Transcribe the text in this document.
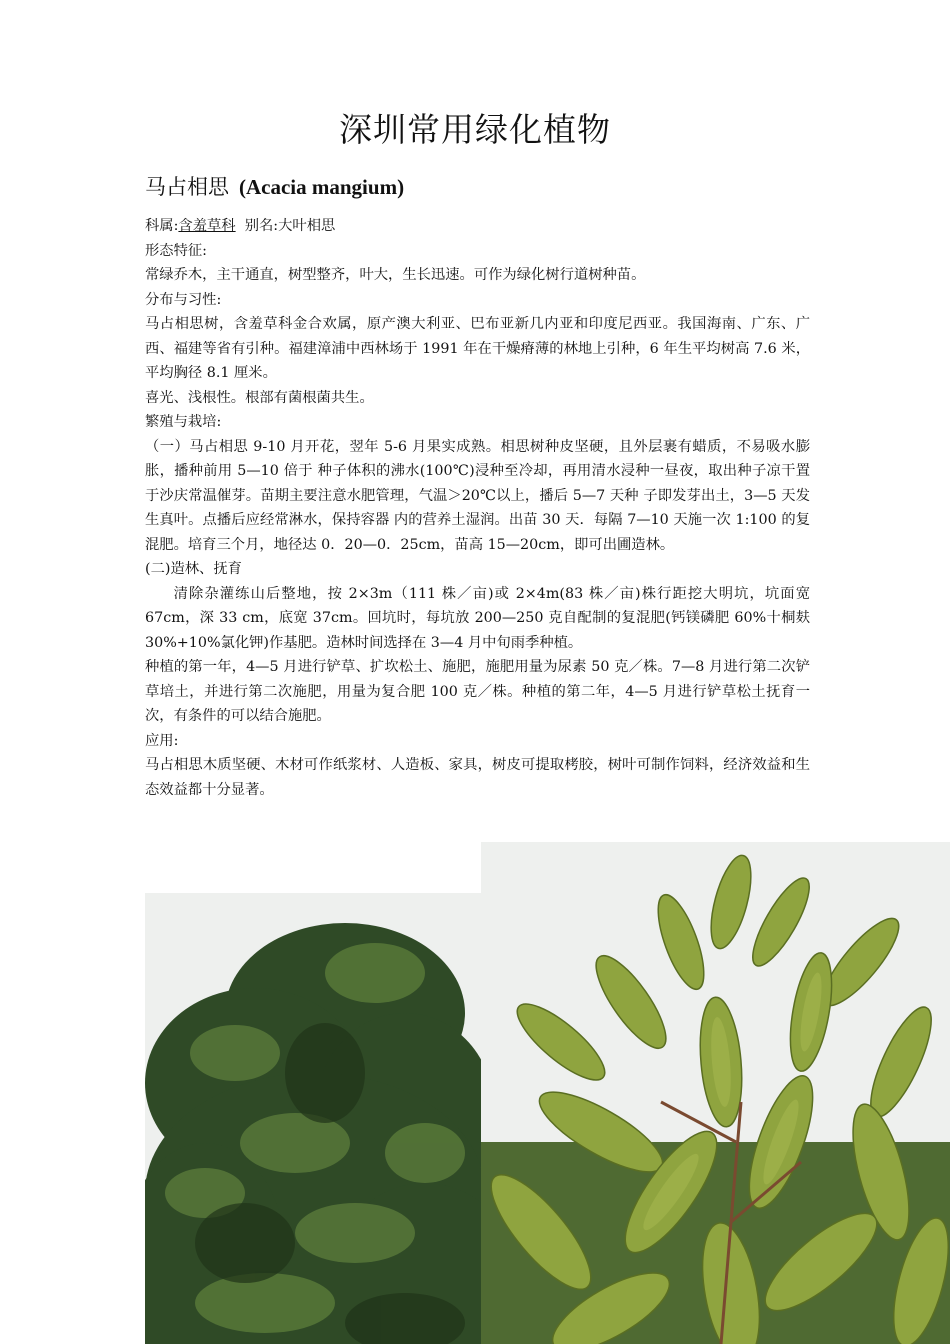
深圳常用绿化植物
马占相思 (Acacia mangium)

科属:含羞草科 别名:大叶相思

形态特征:

常绿乔木，主干通直，树型整齐，叶大，生长迅速。可作为绿化树行道树种苗。

分布与习性:

马占相思树，含羞草科金合欢属，原产澳大利亚、巴布亚新几内亚和印度尼西亚。我国海南、广东、广西、福建等省有引种。福建漳浦中西林场于 1991 年在干燥瘠薄的林地上引种，6 年生平均树高 7.6 米，平均胸径 8.1 厘米。

喜光、浅根性。根部有菌根菌共生。

繁殖与栽培:

（一）马占相思 9-10 月开花，翌年 5-6 月果实成熟。相思树种皮坚硬，且外层裹有蜡质，不易吸水膨胀，播种前用 5—10 倍于 种子体积的沸水(100℃)浸种至冷却，再用清水浸种一昼夜，取出种子凉干置于沙庆常温催芽。苗期主要注意水肥管理，气温＞20℃以上，播后 5—7 天种 子即发芽出土，3—5 天发生真叶。点播后应经常淋水，保持容器 内的营养土湿润。出苗 30 天．每隔 7—10 天施一次 1:100 的复混肥。培育三个月，地径达 0．20—0．25cm，苗高 15—20cm，即可出圃造林。

(二)造林、抚育

清除杂灌练山后整地，按 2×3m（111 株／亩)或 2×4m(83 株／亩)株行距挖大明坑，坑面宽 67cm，深 33 cm，底宽 37cm。回坑时，每坑放 200—250 克自配制的复混肥(钙镁磷肥 60%十桐麸 30%+10%氯化钾)作基肥。造林时间选择在 3—4 月中旬雨季种植。

种植的第一年，4—5 月进行铲草、扩坎松土、施肥，施肥用量为尿素 50 克／株。7—8 月进行第二次铲草培土，并进行第二次施肥，用量为复合肥 100 克／株。种植的第二年，4—5 月进行铲草松土抚育一次，有条件的可以结合施肥。

应用:

马占相思木质坚硬、木材可作纸浆材、人造板、家具，树皮可提取栲胶，树叶可制作饲料，经济效益和生态效益都十分显著。
